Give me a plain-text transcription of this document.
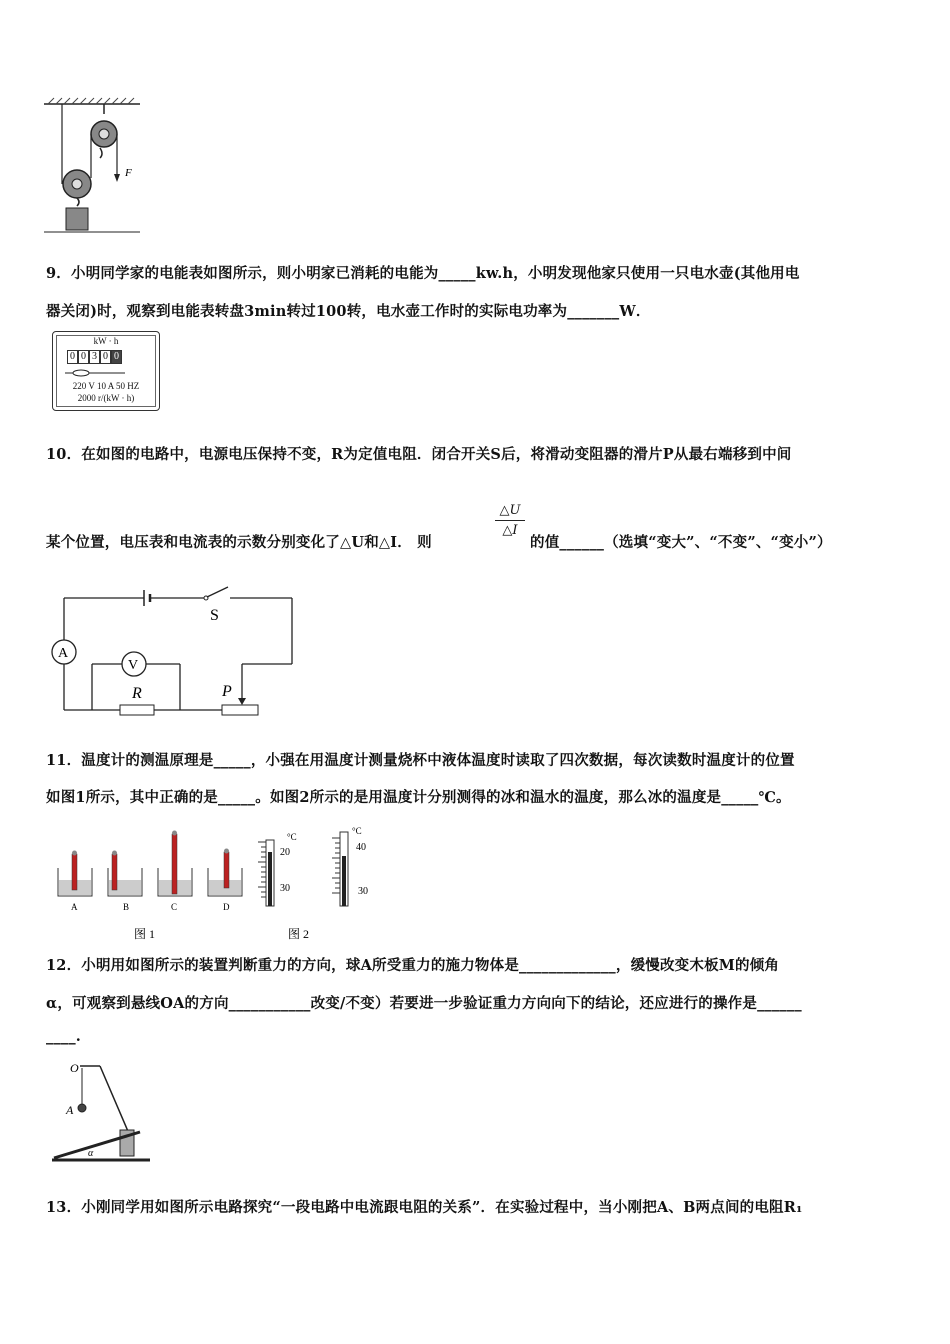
F
9．小明同学家的电能表如图所示，则小明家已消耗的电能为_____kw.h，小明发现他家只使用一只电水壶(其他用电
器关闭)时，观察到电能表转盘3min转过100转，电水壶工作时的实际电功率为_______W．
kW · h
0 0 3 0 0
220 V 10 A 50 HZ
2000 r/(kW · h)
10．在如图的电路中，电源电压保持不变，R为定值电阻．闭合开关S后，将滑动变阻器的滑片P从最右端移到中间
某个位置，电压表和电流表的示数分别变化了△U和△I． 则
$\frac{\triangle U}{\triangle I}$
的值______（选填“变大”、“不变”、“变小”）
S
A
R	P
V
11．温度计的测温原理是_____，小强在用温度计测量烧杯中液体温度时读取了四次数据，每次读数时温度计的位置
如图1所示，其中正确的是_____。如图2所示的是用温度计分别测得的冰和温水的温度，那么冰的温度是_____℃。
A	B	C	D
图 1
°C
20
30
°C
40
30
图 2
12．小明用如图所示的装置判断重力的方向，球A所受重力的施力物体是_____________，缓慢改变木板M的倾角
α，可观察到悬线OA的方向___________改变/不变）若要进一步验证重力方向向下的结论，还应进行的操作是______
____.
O
A
α
13．小刚同学用如图所示电路探究“一段电路中电流跟电阻的关系”．在实验过程中，当小刚把A、B两点间的电阻R₁
